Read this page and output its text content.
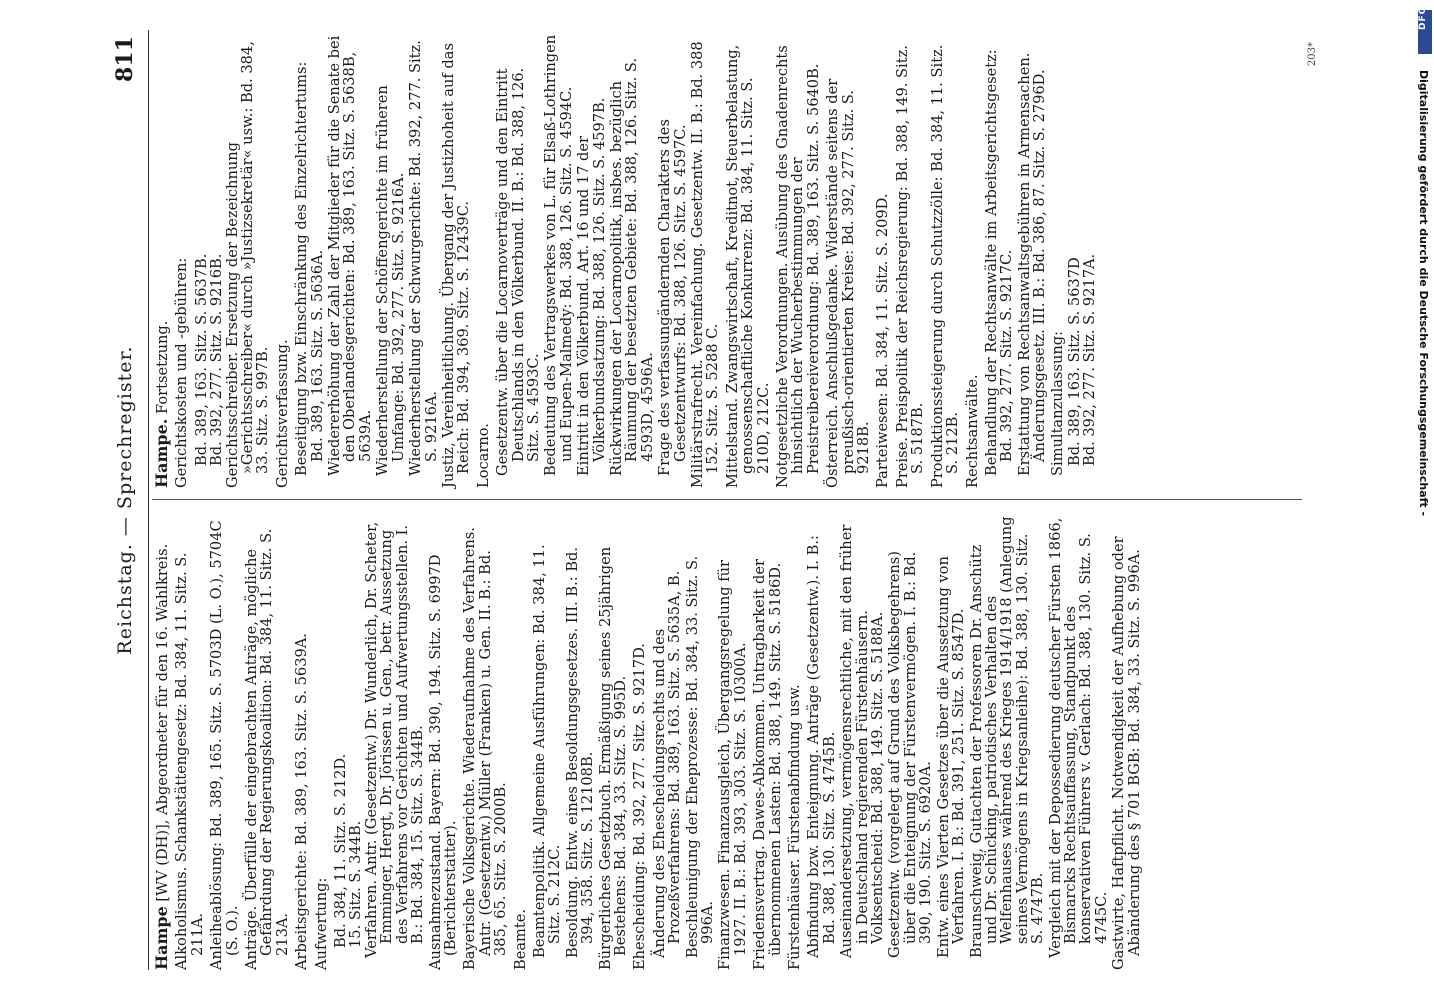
Reichstag. — Sprechregister.
811

Hampe [WV (DH)], Abgeordneter für den 16. Wahlkreis. Alkoholismus. Schankstättengesetz: Bd. 384, 11. Sitz. S. 211A. Anleiheablösung: Bd. 389, 165. Sitz. S. 5703D (L. O.), 5704C (S. O.). Anträge. Überfülle der eingebrachten Anträge, mögliche Gefährdung der Regierungskoalition: Bd. 384, 11. Sitz. S. 213A. Arbeitsgerichte: Bd. 389, 163. Sitz. S. 5639A. Aufwertung: Bd. 384, 11. Sitz. S. 212D.

15. Sitz. S. 344B.

Verfahren. Antr. (Gesetzentw.) Dr. Wunderlich, Dr. Scheter, Emminger, Hergt, Dr. Jörissen u. Gen., betr. Aussetzung des Verfahrens vor Gerichten und Aufwertungsstellen. I. B.: Bd. 384, 15. Sitz. S. 344B. Ausnahmezustand. Bayern: Bd. 390, 194. Sitz. S. 6997D (Berichterstatter). Bayerische Volksgerichte. Wiederaufnahme des Verfahrens. Antr. (Gesetzentw.) Müller (Franken) u. Gen. II. B.: Bd. 385, 65. Sitz. S. 2000B. Beamte. Beamtenpolitik. Allgemeine Ausführungen: Bd. 384, 11. Sitz. S. 212C. Besoldung. Entw. eines Besoldungsgesetzes. III. B.: Bd. 394, 358. Sitz. S. 12108B. Bürgerliches Gesetzbuch. Ermäßigung seines 25jährigen Bestehens: Bd. 384, 33. Sitz. S. 995D. Ehescheidung: Bd. 392, 277. Sitz. S. 9217D. Änderung des Ehescheidungsrechts und des Prozeßverfahrens: Bd. 389, 163. Sitz. S. 5635A, B. Beschleunigung der Eheprozesse: Bd. 384, 33. Sitz. S. 996A. Finanzwesen. Finanzausgleich, Übergangsregelung für 1927. II. B.: Bd. 393, 303. Sitz. S. 10300A. Friedensvertrag. Dawes-Abkommen. Untragbarkeit der übernommenen Lasten: Bd. 388, 149. Sitz. S. 5186D. Fürstenhäuser. Fürstenabfindung usw. Abfindung bzw. Enteignung. Anträge (Gesetzentw.). I. B.: Bd. 388, 130. Sitz. S. 4745B. Auseinandersetzung, vermögensrechtliche, mit den früher in Deutschland regierenden Fürstenhäusern. Volksentscheid: Bd. 388, 149. Sitz. S. 5188A. Gesetzentw. (vorgelegt auf Grund des Volksbegehrens) über die Enteignung der Fürstenvermögen. I. B.: Bd. 390, 190. Sitz. S. 6920A. Entw. eines Vierten Gesetzes über die Aussetzung von Verfahren. I. B.: Bd. 391, 251. Sitz. S. 8547D. Braunschweig, Gutachten der Professoren Dr. Anschütz und Dr. Schücking, patriotisches Verhalten des Welfenhauses während des Krieges 1914/1918 (Anlegung seines Vermögens in Kriegsanleihe): Bd. 388, 130. Sitz. S. 4747B. Vergleich mit der Depossedierung deutscher Fürsten 1866, Bismarcks Rechtsauffassung, Standpunkt des konservativen Führers v. Gerlach: Bd. 388, 130. Sitz. S. 4745C. Gastwirte, Haftpflicht. Notwendigkeit der Aufhebung oder Abänderung des § 701 BGB: Bd. 384, 33. Sitz. S. 996A.

Hampe. Fortsetzung. Gerichtskosten und -gebühren: Bd. 389, 163. Sitz. S. 5637B.

Bd. 392, 277. Sitz. S. 9216B.

Gerichtsschreiber. Ersetzung der Bezeichnung »Gerichtsschreiber« durch »Justizsekretär« usw.: Bd. 384, 33. Sitz. S. 997B. Gerichtsverfassung. Beseitigung bzw. Einschränkung des Einzelrichtertums: Bd. 389, 163. Sitz. S. 5636A. Wiedererhöhung der Zahl der Mitglieder für die Senate bei den Oberlandesgerichten: Bd. 389, 163. Sitz. S. 5638B, 5639A. Wiederherstellung der Schöffengerichte im früheren Umfange: Bd. 392, 277. Sitz. S. 9216A. Wiederherstellung der Schwurgerichte: Bd. 392, 277. Sitz. S. 9216A. Justiz, Vereinheitlichung. Übergang der Justizhoheit auf das Reich: Bd. 394, 369. Sitz. S. 12439C. Locarno. Gesetzentw. über die Locarnoverträge und den Eintritt Deutschlands in den Völkerbund. II. B.: Bd. 388, 126. Sitz. S. 4593C. Bedeutung des Vertragswerkes von L. für Elsaß-Lothringen und Eupen-Malmedy: Bd. 388, 126. Sitz. S. 4594C. Eintritt in den Völkerbund. Art. 16 und 17 der Völkerbundsatzung: Bd. 388, 126. Sitz. S. 4597B. Rückwirkungen der Locarnopolitik, insbes. bezüglich Räumung der besetzten Gebiete: Bd. 388, 126. Sitz. S. 4593D, 4596A. Frage des verfassungändernden Charakters des Gesetzentwurfs: Bd. 388, 126. Sitz. S. 4597C. Militärstrafrecht. Vereinfachung. Gesetzentw. II. B.: Bd. 388 152. Sitz. S. 5288 C. Mittelstand. Zwangswirtschaft, Kreditnot, Steuerbelastung, genossenschaftliche Konkurrenz: Bd. 384, 11. Sitz. S. 210D, 212C. Notgesetzliche Verordnungen. Ausübung des Gnadenrechts hinsichtlich der Wucherbestimmungen der Preistreibereiverordnung: Bd. 389, 163. Sitz. S. 5640B. Österreich. Anschlußgedanke. Widerstände seitens der preußisch-orientierten Kreise: Bd. 392, 277. Sitz. S. 9218B. Parteiwesen: Bd. 384, 11. Sitz. S. 209D. Preise. Preispolitik der Reichsregierung: Bd. 388, 149. Sitz. S. 5187B. Produktionssteigerung durch Schutzzölle: Bd. 384, 11. Sitz. S. 212B. Rechtsanwälte. Behandlung der Rechtsanwälte im Arbeitsgerichtsgesetz: Bd. 392, 277. Sitz. S. 9217C. Erstattung von Rechtsanwaltsgebühren in Armensachen. Änderungsgesetz. III. B.: Bd. 386, 87. Sitz. S. 2796D. Simultanzulassung: Bd. 389, 163. Sitz. S. 5637D

Bd. 392, 277. Sitz. S. 9217A.

203*
DFG
Digitalisierung gefördert durch die Deutsche Forschungsgemeinschaft -
